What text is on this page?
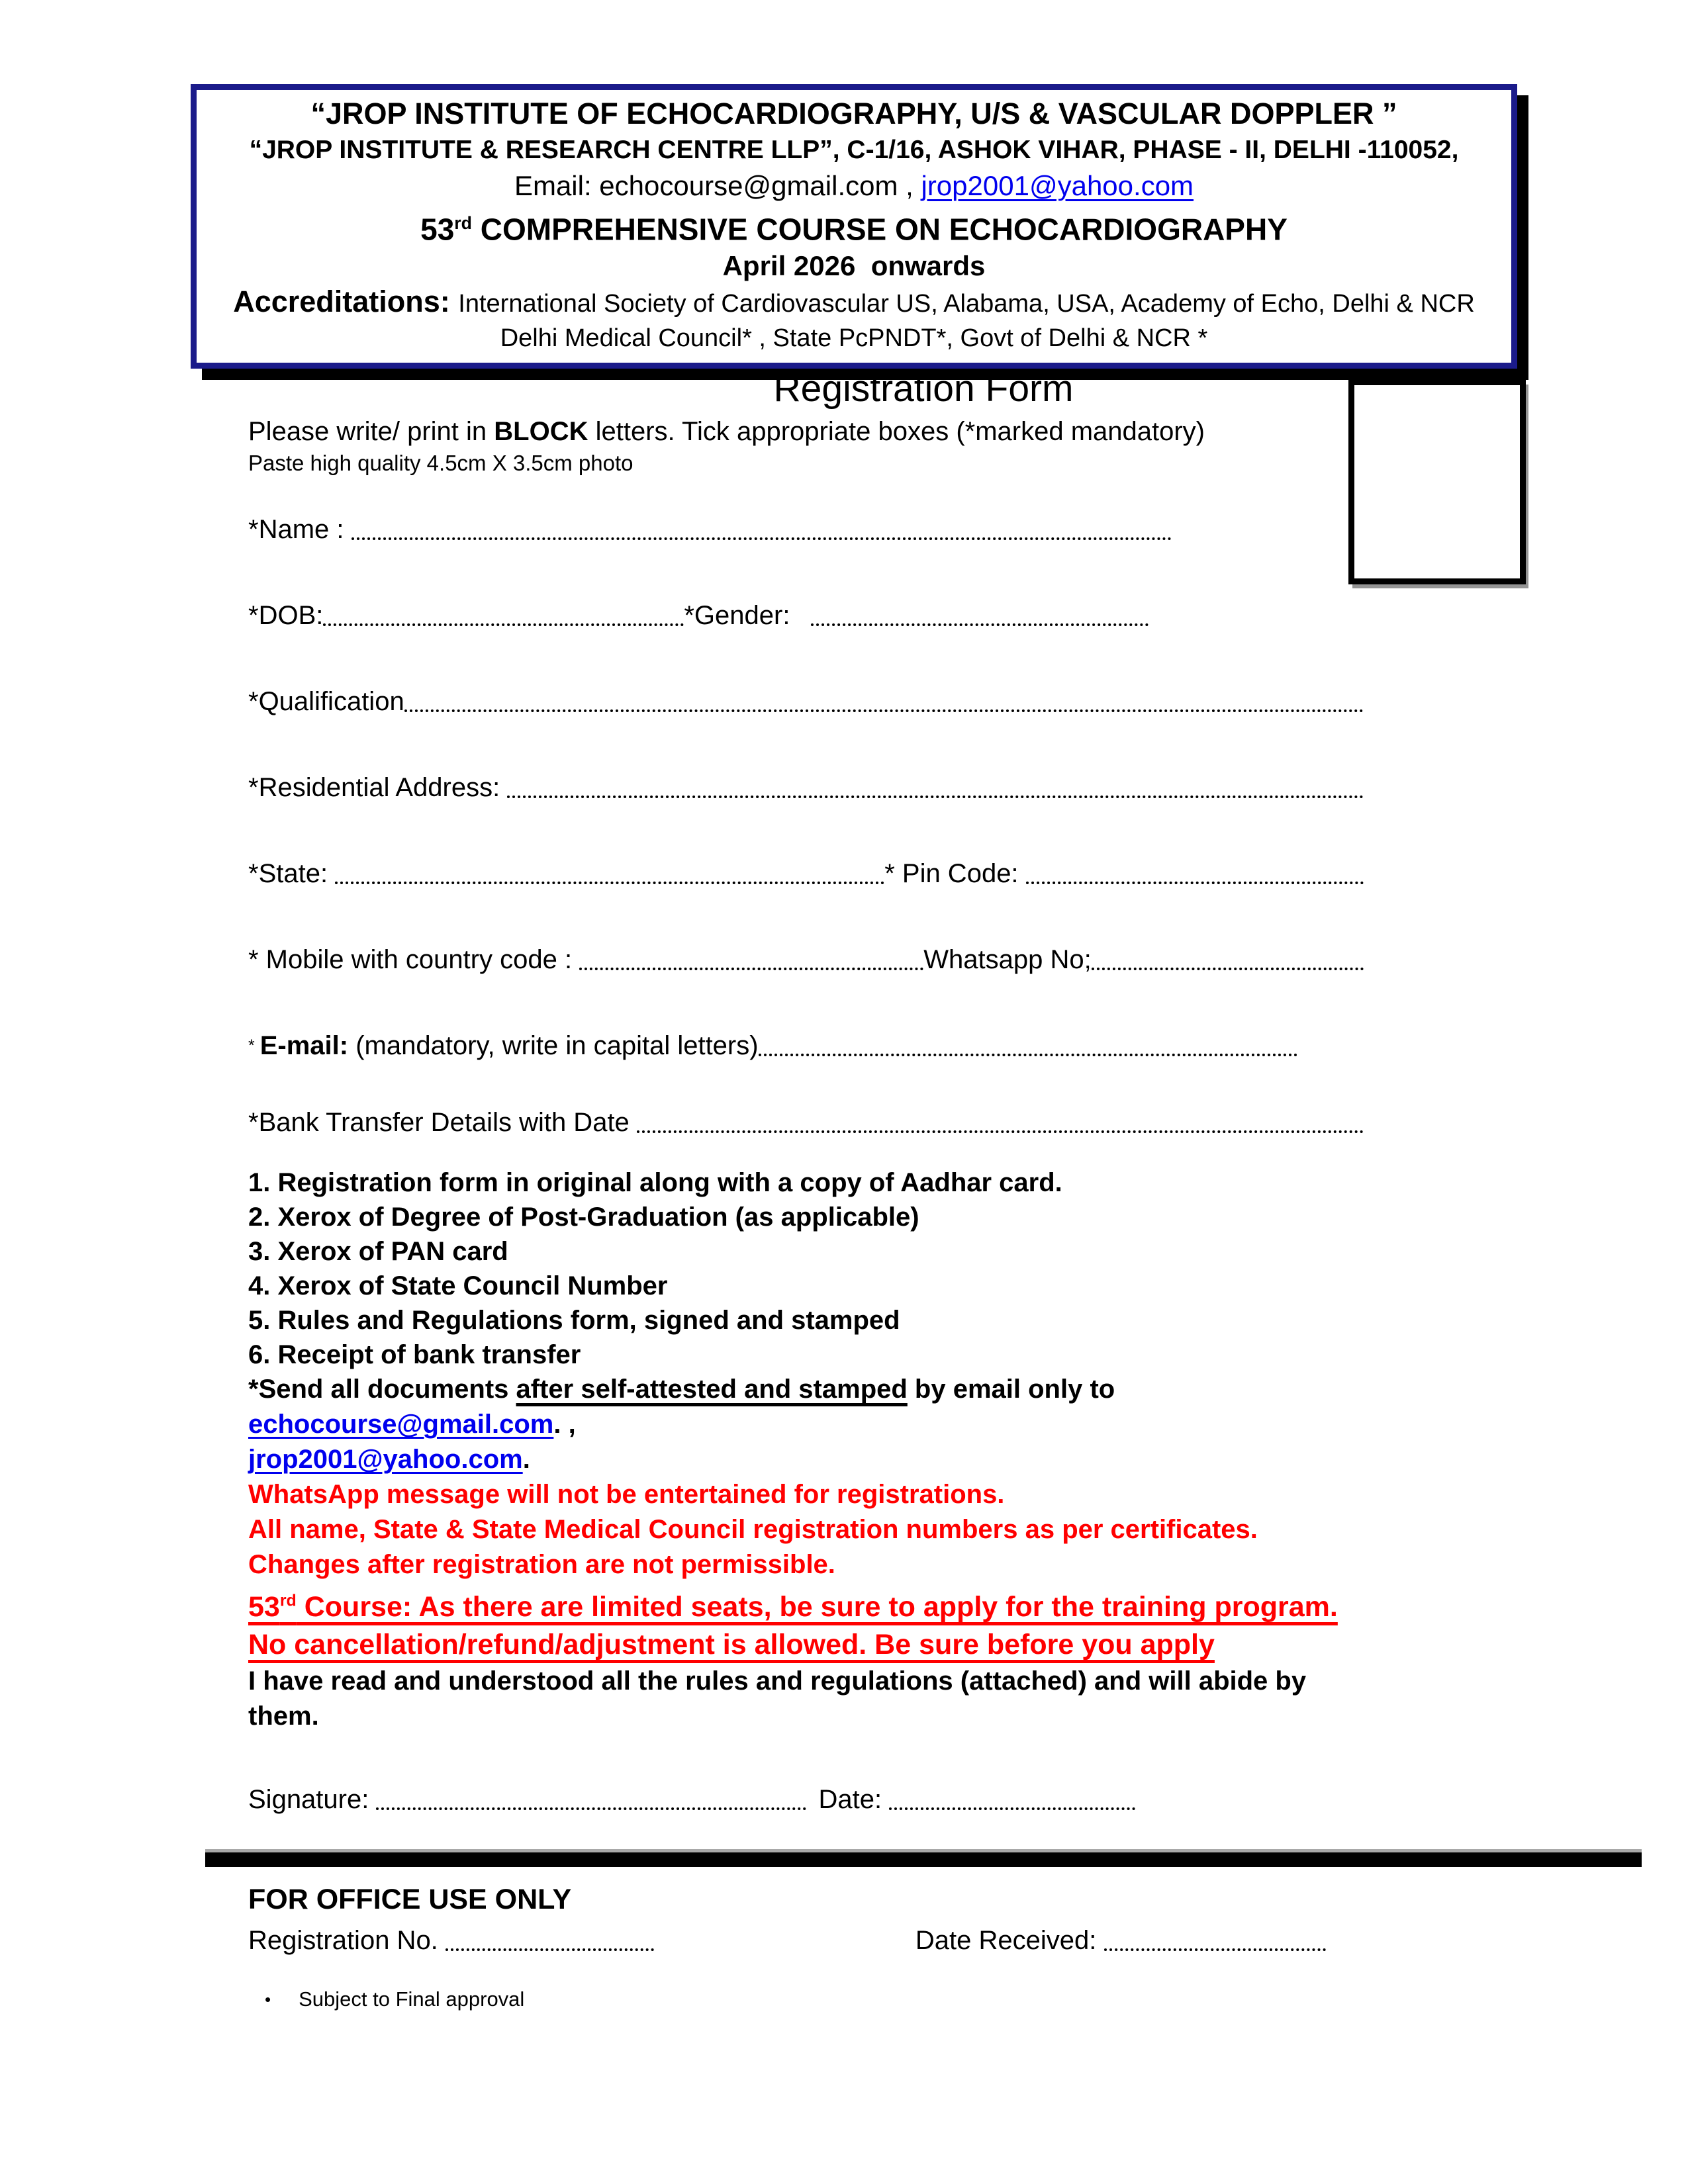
“JROP INSTITUTE OF ECHOCARDIOGRAPHY, U/S & VASCULAR DOPPLER ”
“JROP INSTITUTE & RESEARCH CENTRE LLP”, C-1/16, ASHOK VIHAR, PHASE - II, DELHI -110052,
Email: echocourse@gmail.com , jrop2001@yahoo.com
53rd COMPREHENSIVE COURSE ON ECHOCARDIOGRAPHY
April 2026  onwards
Accreditations: International Society of Cardiovascular US, Alabama, USA, Academy of Echo, Delhi & NCR
Delhi Medical Council* , State PcPNDT*, Govt of Delhi & NCR *
Registration Form
Please write/ print in BLOCK letters. Tick appropriate boxes (*marked mandatory)
Paste high quality 4.5cm X 3.5cm photo
*Name :
*DOB:	*Gender:
*Qualification
*Residential Address:
*State:	* Pin Code:
* Mobile with country code :	Whatsapp No;
* E-mail: (mandatory, write in capital letters)
*Bank Transfer Details with Date
1. Registration form in original along with a copy of Aadhar card.
2. Xerox of Degree of Post-Graduation (as applicable)
3. Xerox of PAN card
4. Xerox of State Council Number
5. Rules and Regulations form, signed and stamped
6. Receipt of bank transfer
*Send all documents after self-attested and stamped by email only to  echocourse@gmail.com. ,
jrop2001@yahoo.com.
WhatsApp message will not be entertained for registrations.
All name, State & State Medical Council registration numbers as per certificates. Changes after registration are not permissible.
53rd Course: As there are limited seats, be sure to apply for the training program.
No cancellation/refund/adjustment is allowed. Be sure before you apply
I have read and understood all the rules and regulations (attached) and will abide by them.
Signature:	Date:
FOR OFFICE USE ONLY
Registration No.	Date Received:
• Subject to Final approval
